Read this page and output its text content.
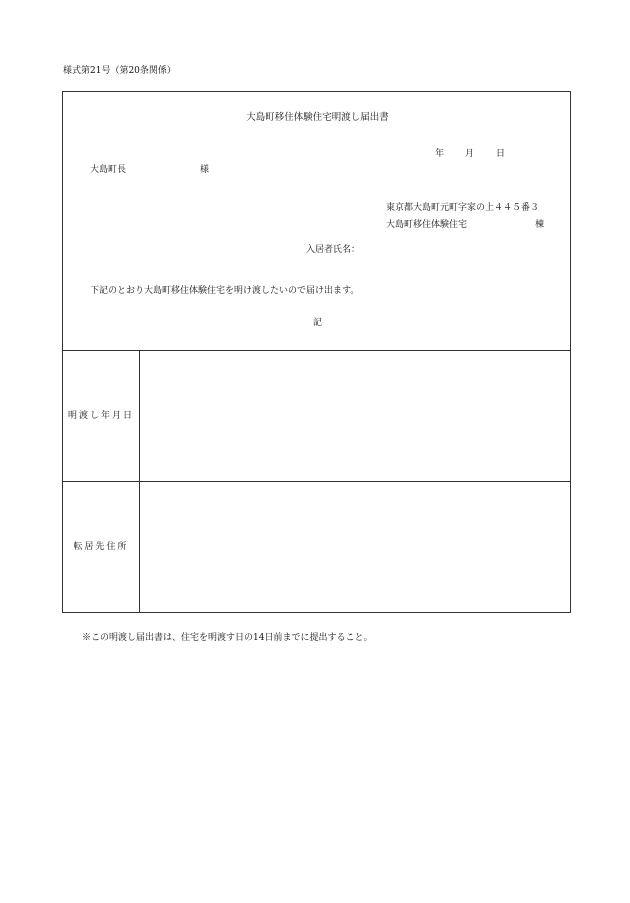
様式第21号（第20条関係）
大島町移住体験住宅明渡し届出書
年 月 日
大島町長	様
東京都大島町元町字家の上４４５番３
大島町移住体験住宅	棟
入居者氏名：
下記のとおり大島町移住体験住宅を明け渡したいので届け出ます。
記
明渡し年月日
転居先住所
※この明渡し届出書は、住宅を明渡す日の14日前までに提出すること。
